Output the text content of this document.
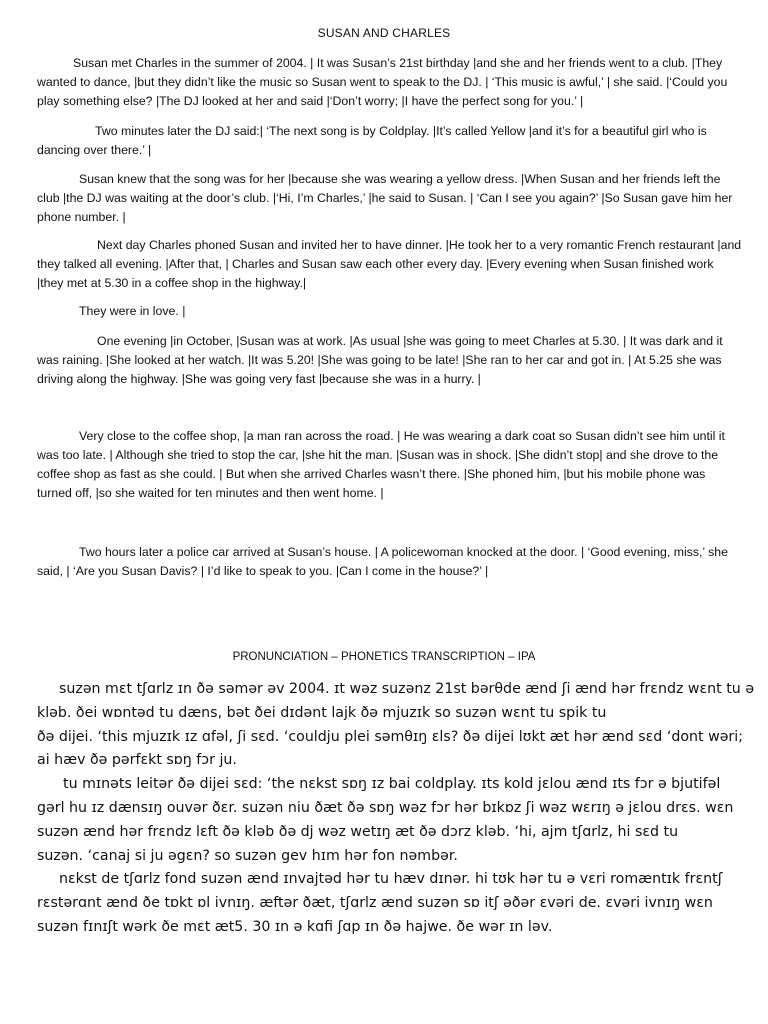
SUSAN AND CHARLES

Susan met Charles in the summer of 2004. | It was Susan’s 21st birthday |and she and her friends went to a club. |They wanted to dance, |but they didn’t like the music so Susan went to speak to the DJ. | ‘This music is awful,’ | she said. |‘Could you play something else? |The DJ looked at her and said |‘Don’t worry; |I have the perfect song for you.’ |

Two minutes later the DJ said:| ‘The next song is by Coldplay. |It’s called Yellow |and it’s for a beautiful girl who is dancing over there.’ |

Susan knew that the song was for her |because she was wearing a yellow dress. |When Susan and her friends left the club |the DJ was waiting at the door’s club. |‘Hi, I’m Charles,’ |he said to Susan. | ‘Can I see you again?’ |So Susan gave him her phone number. |

Next day Charles phoned Susan and invited her to have dinner. |He took her to a very romantic French restaurant |and they talked all evening. |After that, | Charles and Susan saw each other every day. |Every evening when Susan finished work |they met at 5.30 in a coffee shop in the highway.|

They were in love. |

One evening |in October, |Susan was at work. |As usual |she was going to meet Charles at 5.30. | It was dark and it was raining. |She looked at her watch. |It was 5.20! |She was going to be late! |She ran to her car and got in. | At 5.25 she was driving along the highway. |She was going very fast |because she was in a hurry. |

Very close to the coffee shop, |a man ran across the road. | He was wearing a dark coat so Susan didn’t see him until it was too late. | Although she tried to stop the car, |she hit the man. |Susan was in shock. |She didn’t stop| and she drove to the coffee shop as fast as she could. | But when she arrived Charles wasn’t there. |She phoned him, |but his mobile phone was turned off, |so she waited for ten minutes and then went home. |

Two hours later a police car arrived at Susan’s house. | A policewoman knocked at the door. | ‘Good evening, miss,’ she said, | ‘Are you Susan Davis? | I’d like to speak to you. |Can I come in the house?’ |

PRONUNCIATION – PHONETICS TRANSCRIPTION – IPA
suzən mɛt tʃɑrlz ɪn ðə səmər əv 2004. ɪt wəz suzənz 21st bərθde ænd ʃi ænd hər frɛndz wɛnt tu ə
kləb. ðei wɒntəd tu dæns, bət ðei dɪdənt lajk ðə mjuzɪk so suzən wɛnt tu spik tu
ðə dijei. ‘this mjuzɪk ɪz ɑfəl, ʃi sɛd. ‘couldju plei səmθɪŋ ɛls? ðə dijei lʊkt æt hər ænd sɛd ‘dont wəri;
ai hæv ðə pərfɛkt sɒŋ fɔr ju.
tu mɪnəts leitər ðə dijei sɛd: ‘the nɛkst sɒŋ ɪz bai coldplay. ɪts kold jɛlou ænd ɪts fɔr ə bjutifəl
gərl hu ɪz dænsɪŋ ouvər ðɛr. suzən niu ðæt ðə sɒŋ wəz fɔr hər bɪkɒz ʃi wəz wɛrɪŋ ə jɛlou drɛs. wɛn
suzən ænd hər frɛndz lɛft ðə kləb ðə dj wəz wetɪŋ æt ðə dɔrz kləb. ‘hi, ajm tʃɑrlz, hi sɛd tu
suzən. ‘canaj si ju əgɛn? so suzən gev hɪm hər fon nəmbər.
nɛkst de tʃɑrlz fond suzən ænd ɪnvajtəd hər tu hæv dɪnər. hi tʊk hər tu ə vɛri romæntɪk frɛntʃ
rɛstərɑnt ænd ðe tɒkt ɒl ivnɪŋ. æftər ðæt, tʃɑrlz ænd suzən sɒ itʃ əðər ɛvəri de. ɛvəri ivnɪŋ wɛn
suzən fɪnɪʃt wərk ðe mɛt æt5. 30 ɪn ə kɑfi ʃɑp ɪn ðə hajwe. ðe wər ɪn ləv.
